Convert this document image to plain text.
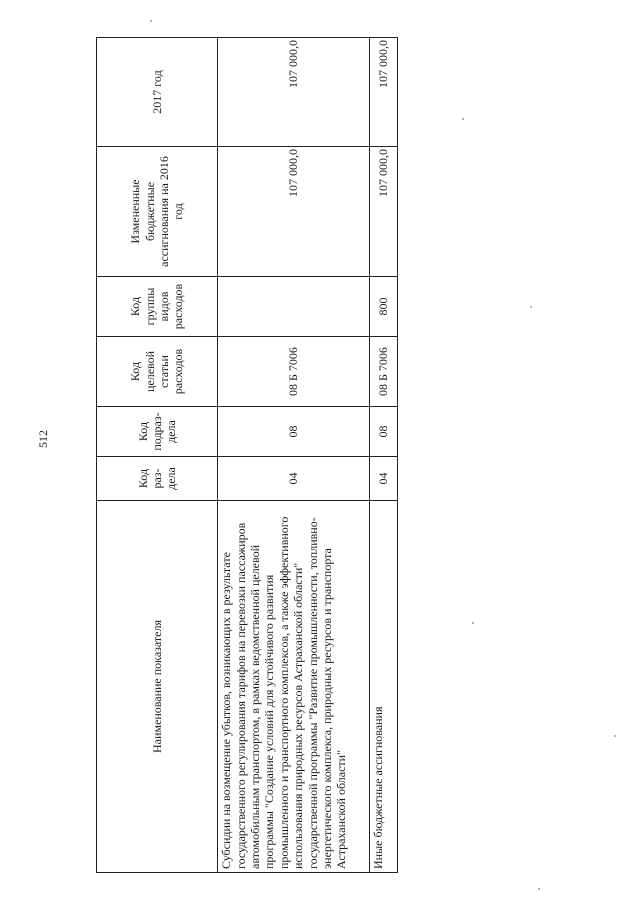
512
Наименование показателя	Код раз-дела	Код подраз-дела	Код целевой статьи расходов	Код группы видов расходов	Измененные бюджетные ассигнования на 2016 год	2017 год
Субсидии на возмещение убытков, возникающих в результате государственного регулирования тарифов на перевозки пассажиров автомобильным транспортом, в рамках ведомственной целевой программы "Создание условий для устойчивого развития промышленного и транспортного комплексов, а также эффективного использования природных ресурсов Астраханской области" государственной программы "Развитие промышленности, топливно-энергетического комплекса, природных ресурсов и транспорта Астраханской области"	04	08	08 Б 7006		107 000,0	107 000,0
Иные бюджетные ассигнования	04	08	08 Б 7006	800	107 000,0	107 000,0
